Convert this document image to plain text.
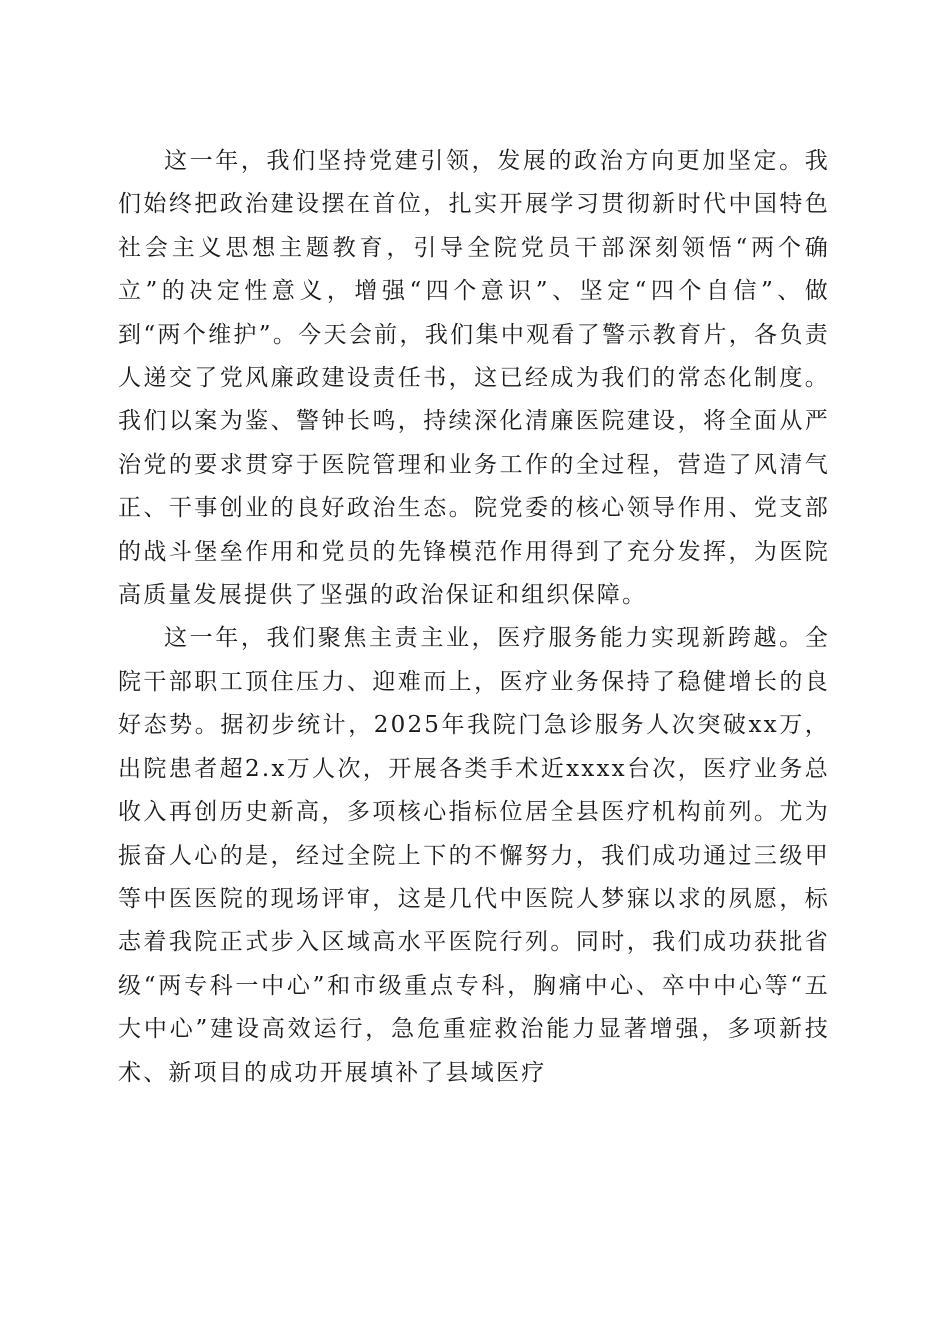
这一年，我们坚持党建引领，发展的政治方向更加坚定。我们始终把政治建设摆在首位，扎实开展学习贯彻新时代中国特色社会主义思想主题教育，引导全院党员干部深刻领悟“两个确立”的决定性意义，增强“四个意识”、坚定“四个自信”、做到“两个维护”。今天会前，我们集中观看了警示教育片，各负责人递交了党风廉政建设责任书，这已经成为我们的常态化制度。我们以案为鉴、警钟长鸣，持续深化清廉医院建设，将全面从严治党的要求贯穿于医院管理和业务工作的全过程，营造了风清气正、干事创业的良好政治生态。院党委的核心领导作用、党支部的战斗堡垒作用和党员的先锋模范作用得到了充分发挥，为医院高质量发展提供了坚强的政治保证和组织保障。

这一年，我们聚焦主责主业，医疗服务能力实现新跨越。全院干部职工顶住压力、迎难而上，医疗业务保持了稳健增长的良好态势。据初步统计，2025年我院门急诊服务人次突破xx万，出院患者超2.x万人次，开展各类手术近xxxx台次，医疗业务总收入再创历史新高，多项核心指标位居全县医疗机构前列。尤为振奋人心的是，经过全院上下的不懈努力，我们成功通过三级甲等中医医院的现场评审，这是几代中医院人梦寐以求的夙愿，标志着我院正式步入区域高水平医院行列。同时，我们成功获批省级“两专科一中心”和市级重点专科，胸痛中心、卒中中心等“五大中心”建设高效运行，急危重症救治能力显著增强，多项新技术、新项目的成功开展填补了县域医疗
